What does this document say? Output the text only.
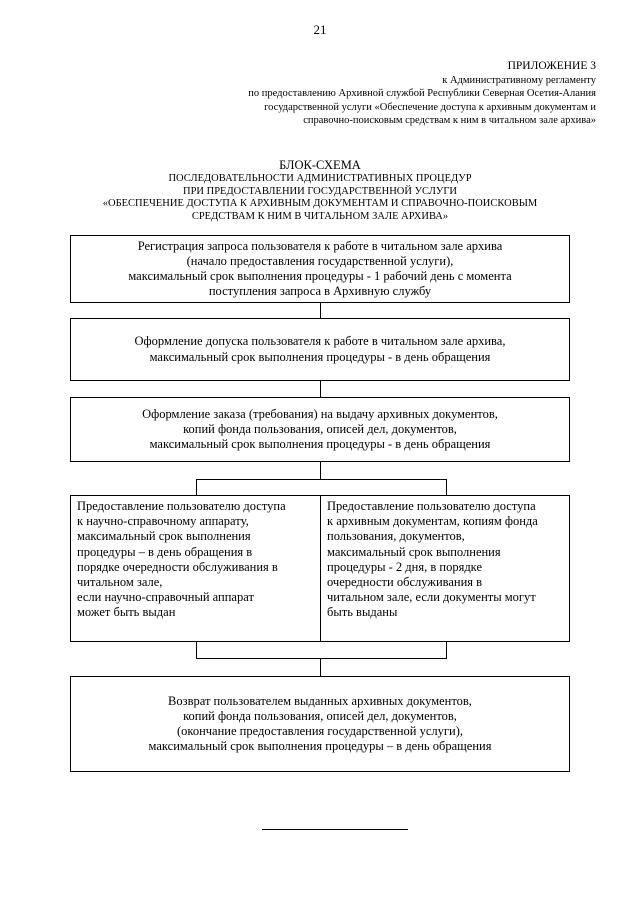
21
ПРИЛОЖЕНИЕ 3
к Административному регламенту
по предоставлению Архивной службой Республики Северная Осетия-Алания
государственной услуги «Обеспечение доступа к архивным документам и
справочно-поисковым средствам к ним в читальном зале архива»
БЛОК-СХЕМА
ПОСЛЕДОВАТЕЛЬНОСТИ АДМИНИСТРАТИВНЫХ ПРОЦЕДУР
ПРИ ПРЕДОСТАВЛЕНИИ ГОСУДАРСТВЕННОЙ УСЛУГИ
«ОБЕСПЕЧЕНИЕ ДОСТУПА К АРХИВНЫМ ДОКУМЕНТАМ И СПРАВОЧНО-ПОИСКОВЫМ
СРЕДСТВАМ К НИМ В ЧИТАЛЬНОМ ЗАЛЕ АРХИВА»
Регистрация запроса пользователя к работе в читальном зале архива
(начало предоставления государственной услуги),
максимальный срок выполнения процедуры - 1 рабочий день с момента
поступления запроса в Архивную службу
Оформление допуска пользователя к работе в читальном зале архива,
максимальный срок выполнения процедуры - в день обращения
Оформление заказа (требования) на выдачу архивных документов,
копий фонда пользования, описей дел, документов,
максимальный срок выполнения процедуры - в день обращения
Предоставление пользователю доступа
к научно-справочному аппарату,
максимальный срок выполнения
процедуры – в день обращения в
порядке очередности обслуживания в
читальном зале,
если научно-справочный аппарат
может быть выдан
Предоставление пользователю доступа
к архивным документам, копиям фонда
пользования, документов,
максимальный срок выполнения
процедуры - 2 дня, в порядке
очередности обслуживания в
читальном зале, если документы могут
быть выданы
Возврат пользователем выданных архивных документов,
копий фонда пользования, описей дел, документов,
(окончание предоставления государственной услуги),
максимальный срок выполнения процедуры – в день обращения
